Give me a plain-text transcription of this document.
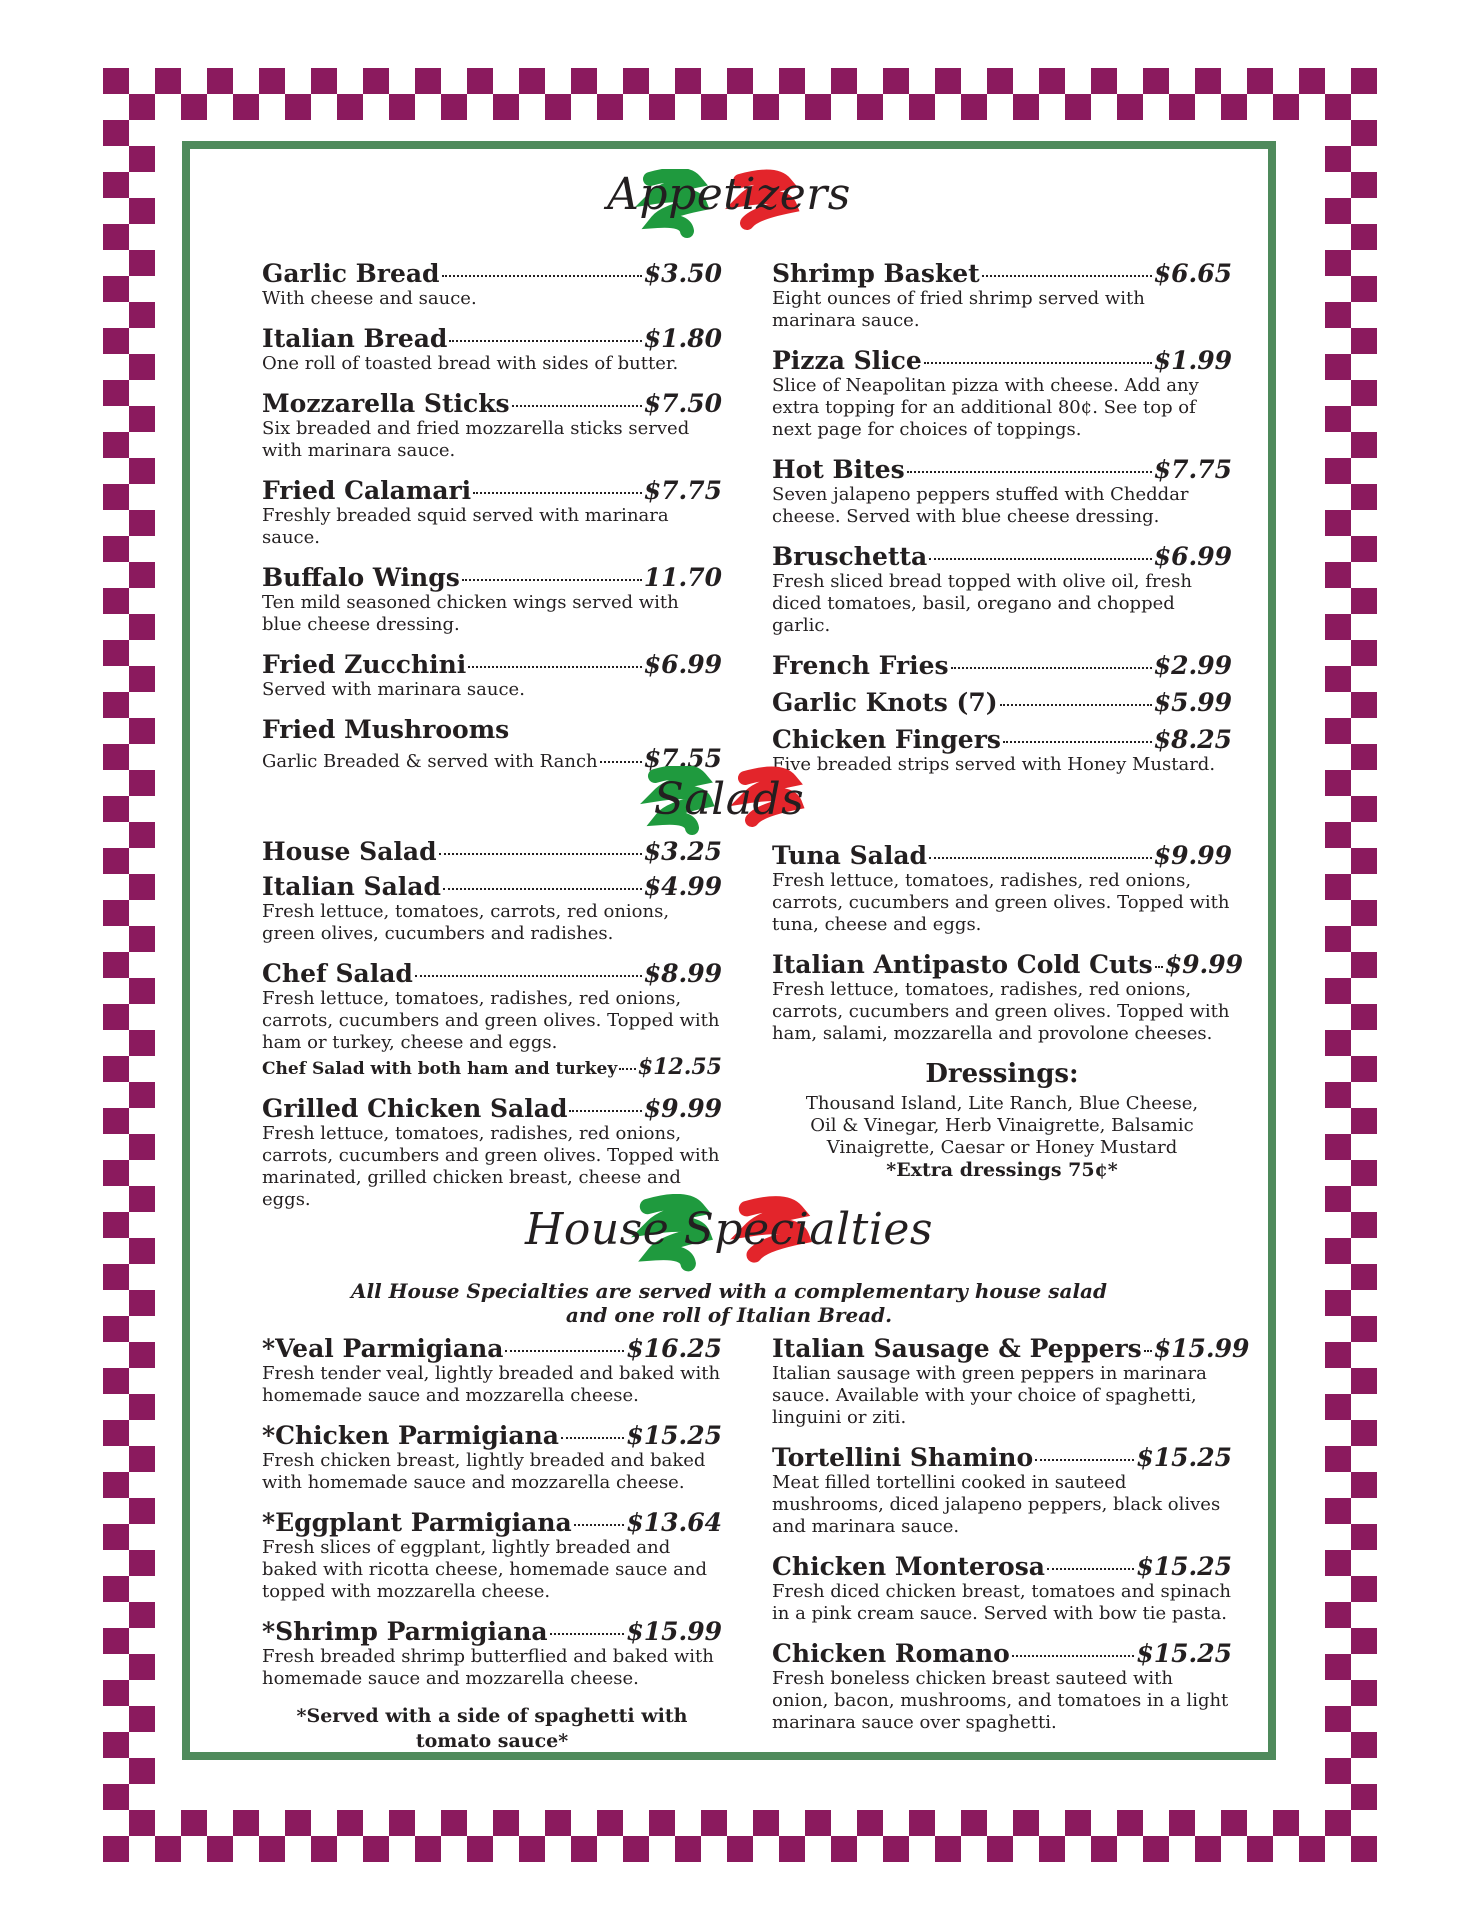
Appetizers
Garlic Bread	$3.50
With cheese and sauce.
Italian Bread	$1.80
One roll of toasted bread with sides of butter.
Mozzarella Sticks	$7.50
Six breaded and fried mozzarella sticks served with marinara sauce.
Fried Calamari	$7.75
Freshly breaded squid served with marinara sauce.
Buffalo Wings	11.70
Ten mild seasoned chicken wings served with blue cheese dressing.
Fried Zucchini	$6.99
Served with marinara sauce.
Fried Mushrooms
Garlic Breaded & served with Ranch $7.55
Shrimp Basket	$6.65
Eight ounces of fried shrimp served with marinara sauce.
Pizza Slice	$1.99
Slice of Neapolitan pizza with cheese. Add any extra topping for an additional 80¢. See top of next page for choices of toppings.
Hot Bites	$7.75
Seven jalapeno peppers stuffed with Cheddar cheese. Served with blue cheese dressing.
Bruschetta	$6.99
Fresh sliced bread topped with olive oil, fresh diced tomatoes, basil, oregano and chopped garlic.
French Fries	$2.99
Garlic Knots (7)	$5.99
Chicken Fingers	$8.25
Five breaded strips served with Honey Mustard.
Salads
House Salad	$3.25
Italian Salad	$4.99
Fresh lettuce, tomatoes, carrots, red onions, green olives, cucumbers and radishes.
Chef Salad	$8.99
Fresh lettuce, tomatoes, radishes, red onions, carrots, cucumbers and green olives. Topped with ham or turkey, cheese and eggs.
Chef Salad with both ham and turkey $12.55
Grilled Chicken Salad	$9.99
Fresh lettuce, tomatoes, radishes, red onions, carrots, cucumbers and green olives. Topped with marinated, grilled chicken breast, cheese and eggs.
Tuna Salad	$9.99
Fresh lettuce, tomatoes, radishes, red onions, carrots, cucumbers and green olives. Topped with tuna, cheese and eggs.
Italian Antipasto Cold Cuts $9.99
Fresh lettuce, tomatoes, radishes, red onions, carrots, cucumbers and green olives. Topped with ham, salami, mozzarella and provolone cheeses.
Dressings:
Thousand Island, Lite Ranch, Blue Cheese, Oil & Vinegar, Herb Vinaigrette, Balsamic Vinaigrette, Caesar or Honey Mustard
*Extra dressings 75¢*
House Specialties
All House Specialties are served with a complementary house salad
and one roll of Italian Bread.
*Veal Parmigiana	$16.25
Fresh tender veal, lightly breaded and baked with homemade sauce and mozzarella cheese.
*Chicken Parmigiana	$15.25
Fresh chicken breast, lightly breaded and baked with homemade sauce and mozzarella cheese.
*Eggplant Parmigiana $13.64
Fresh slices of eggplant, lightly breaded and baked with ricotta cheese, homemade sauce and topped with mozzarella cheese.
*Shrimp Parmigiana	$15.99
Fresh breaded shrimp butterflied and baked with homemade sauce and mozzarella cheese.
*Served with a side of spaghetti with tomato sauce*
Italian Sausage & Peppers $15.99
Italian sausage with green peppers in marinara sauce. Available with your choice of spaghetti, linguini or ziti.
Tortellini Shamino	$15.25
Meat filled tortellini cooked in sauteed mushrooms, diced jalapeno peppers, black olives and marinara sauce.
Chicken Monterosa	$15.25
Fresh diced chicken breast, tomatoes and spinach in a pink cream sauce. Served with bow tie pasta.
Chicken Romano	$15.25
Fresh boneless chicken breast sauteed with onion, bacon, mushrooms, and tomatoes in a light marinara sauce over spaghetti.
